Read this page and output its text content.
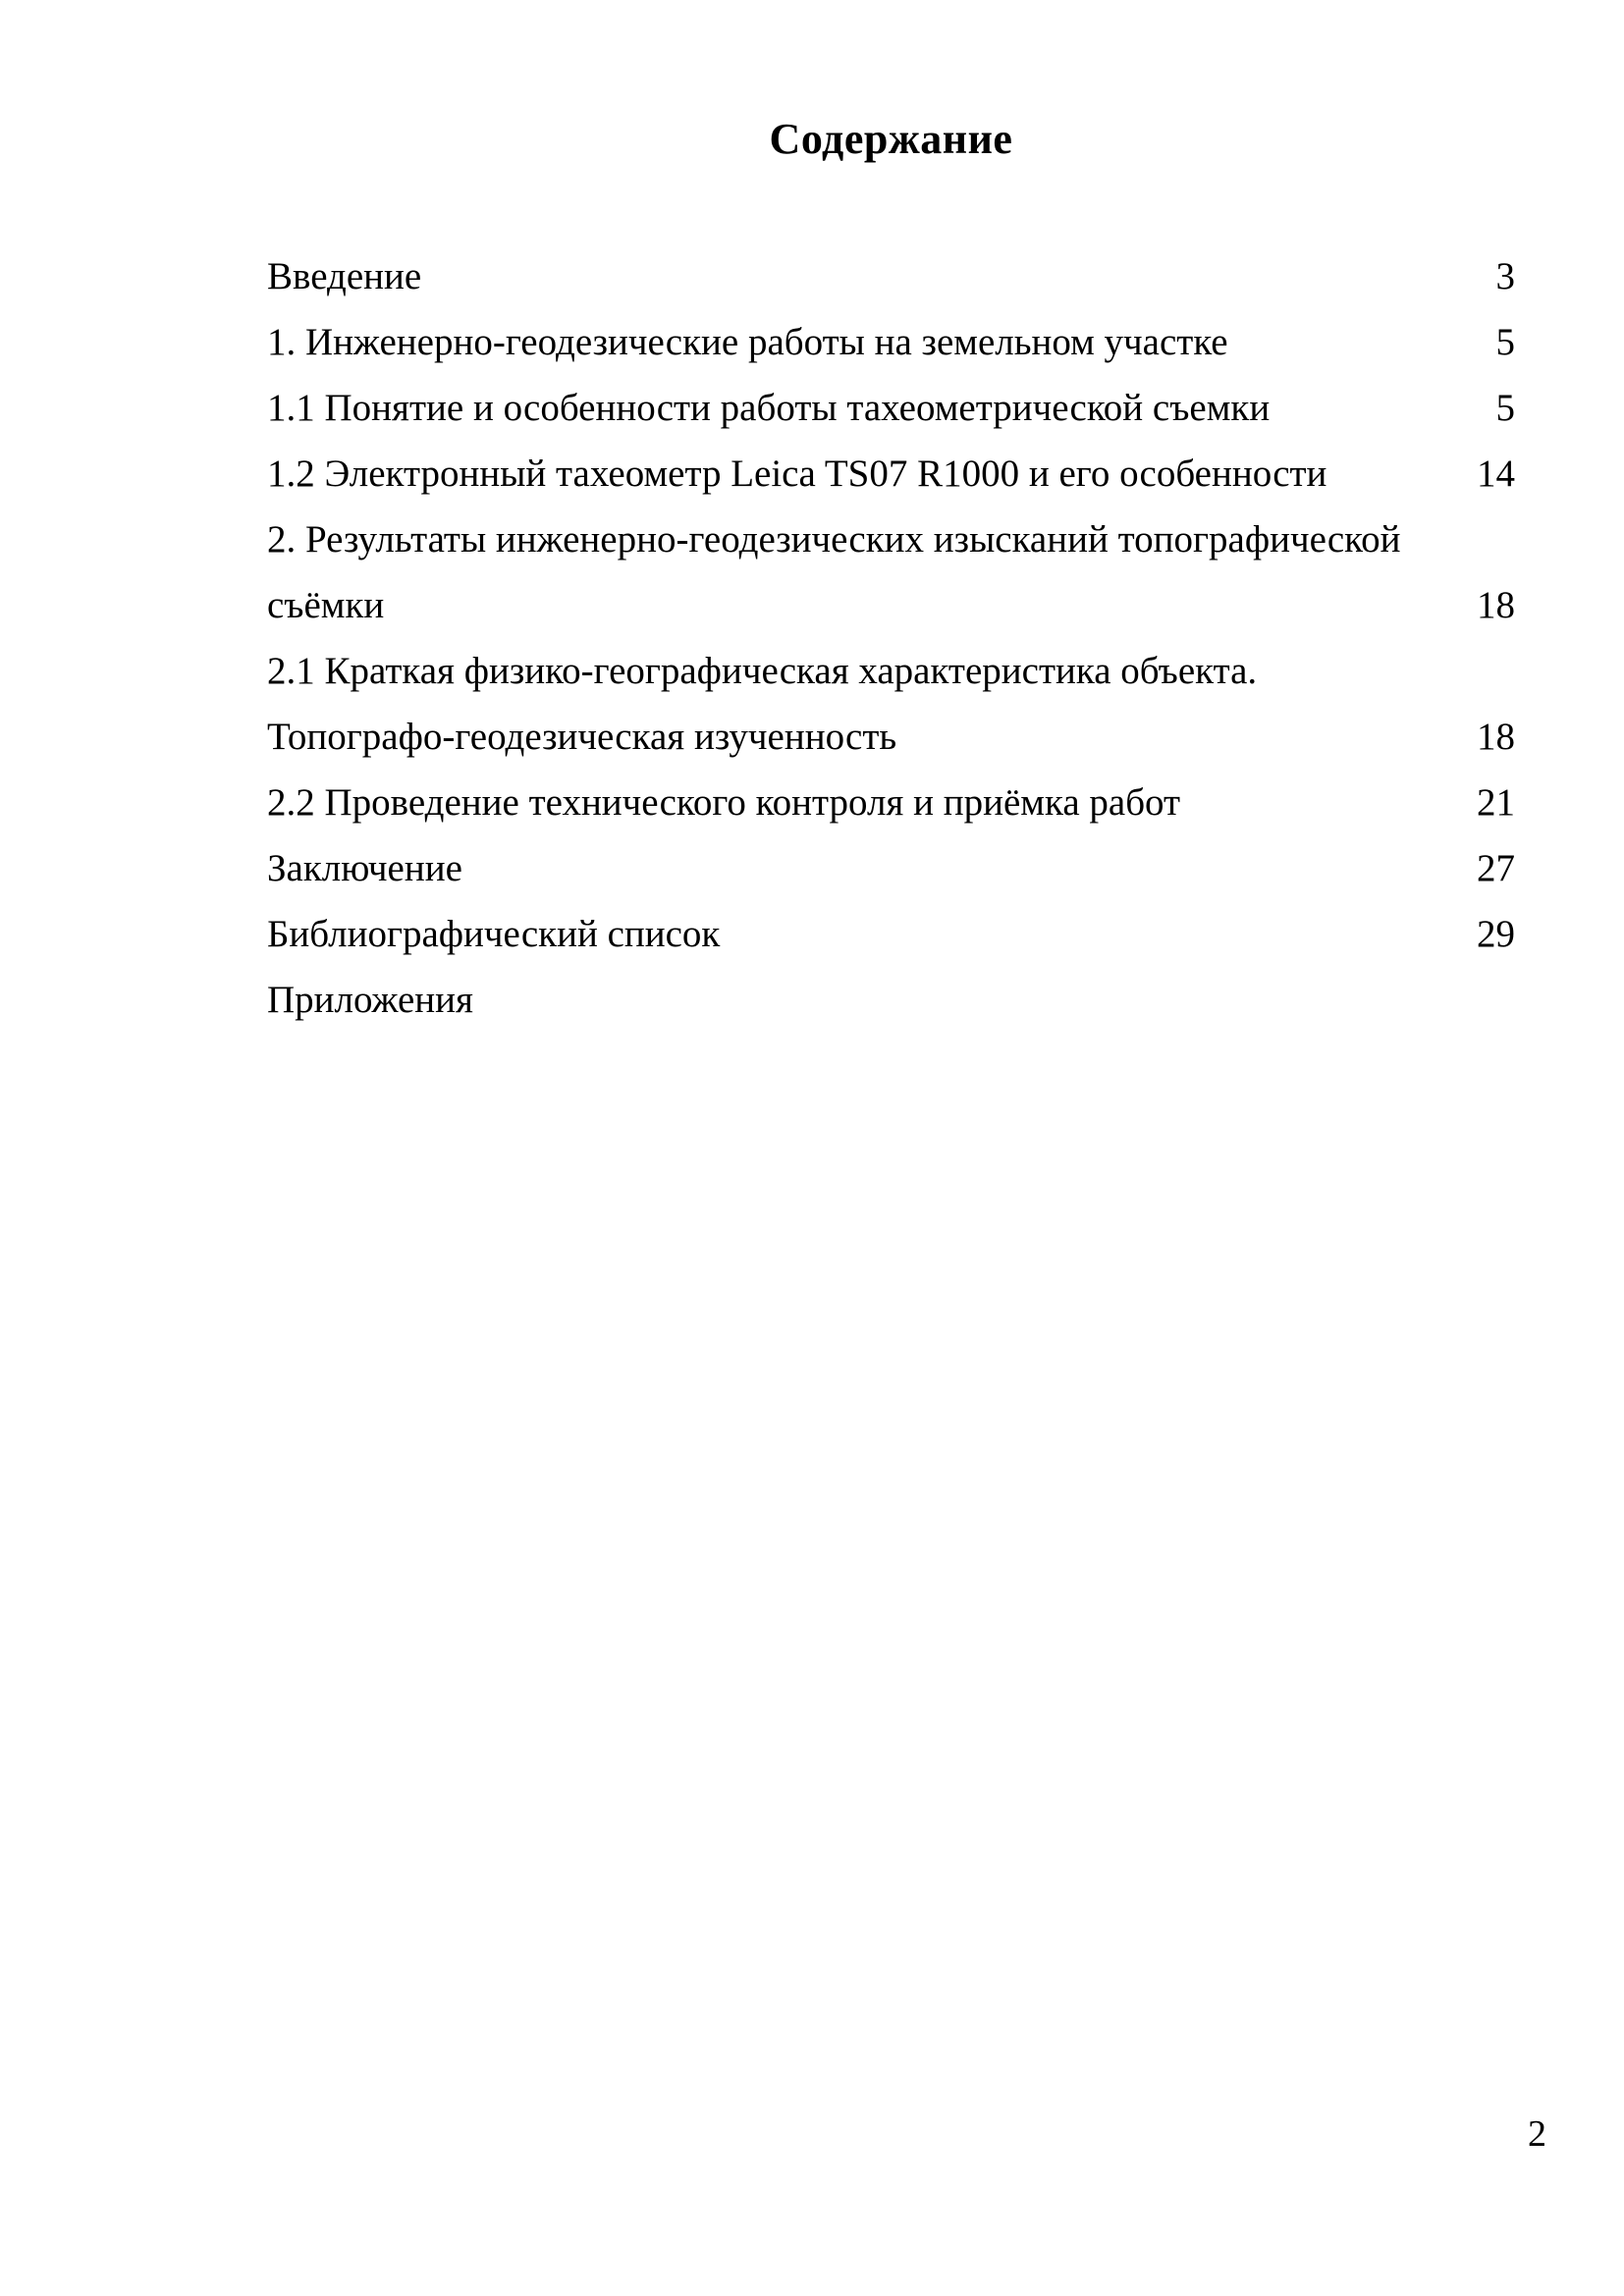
Содержание
Введение	3
1. Инженерно-геодезические работы на земельном участке	5
1.1 Понятие и особенности работы тахеометрической съемки	5
1.2 Электронный тахеометр Leica TS07 R1000 и его особенности	14
2. Результаты инженерно-геодезических изысканий топографической
съёмки	18
2.1 Краткая физико-географическая характеристика объекта.
Топографо-геодезическая изученность	18
2.2 Проведение технического контроля и приёмка работ	21
Заключение	27
Библиографический список	29
Приложения
2
